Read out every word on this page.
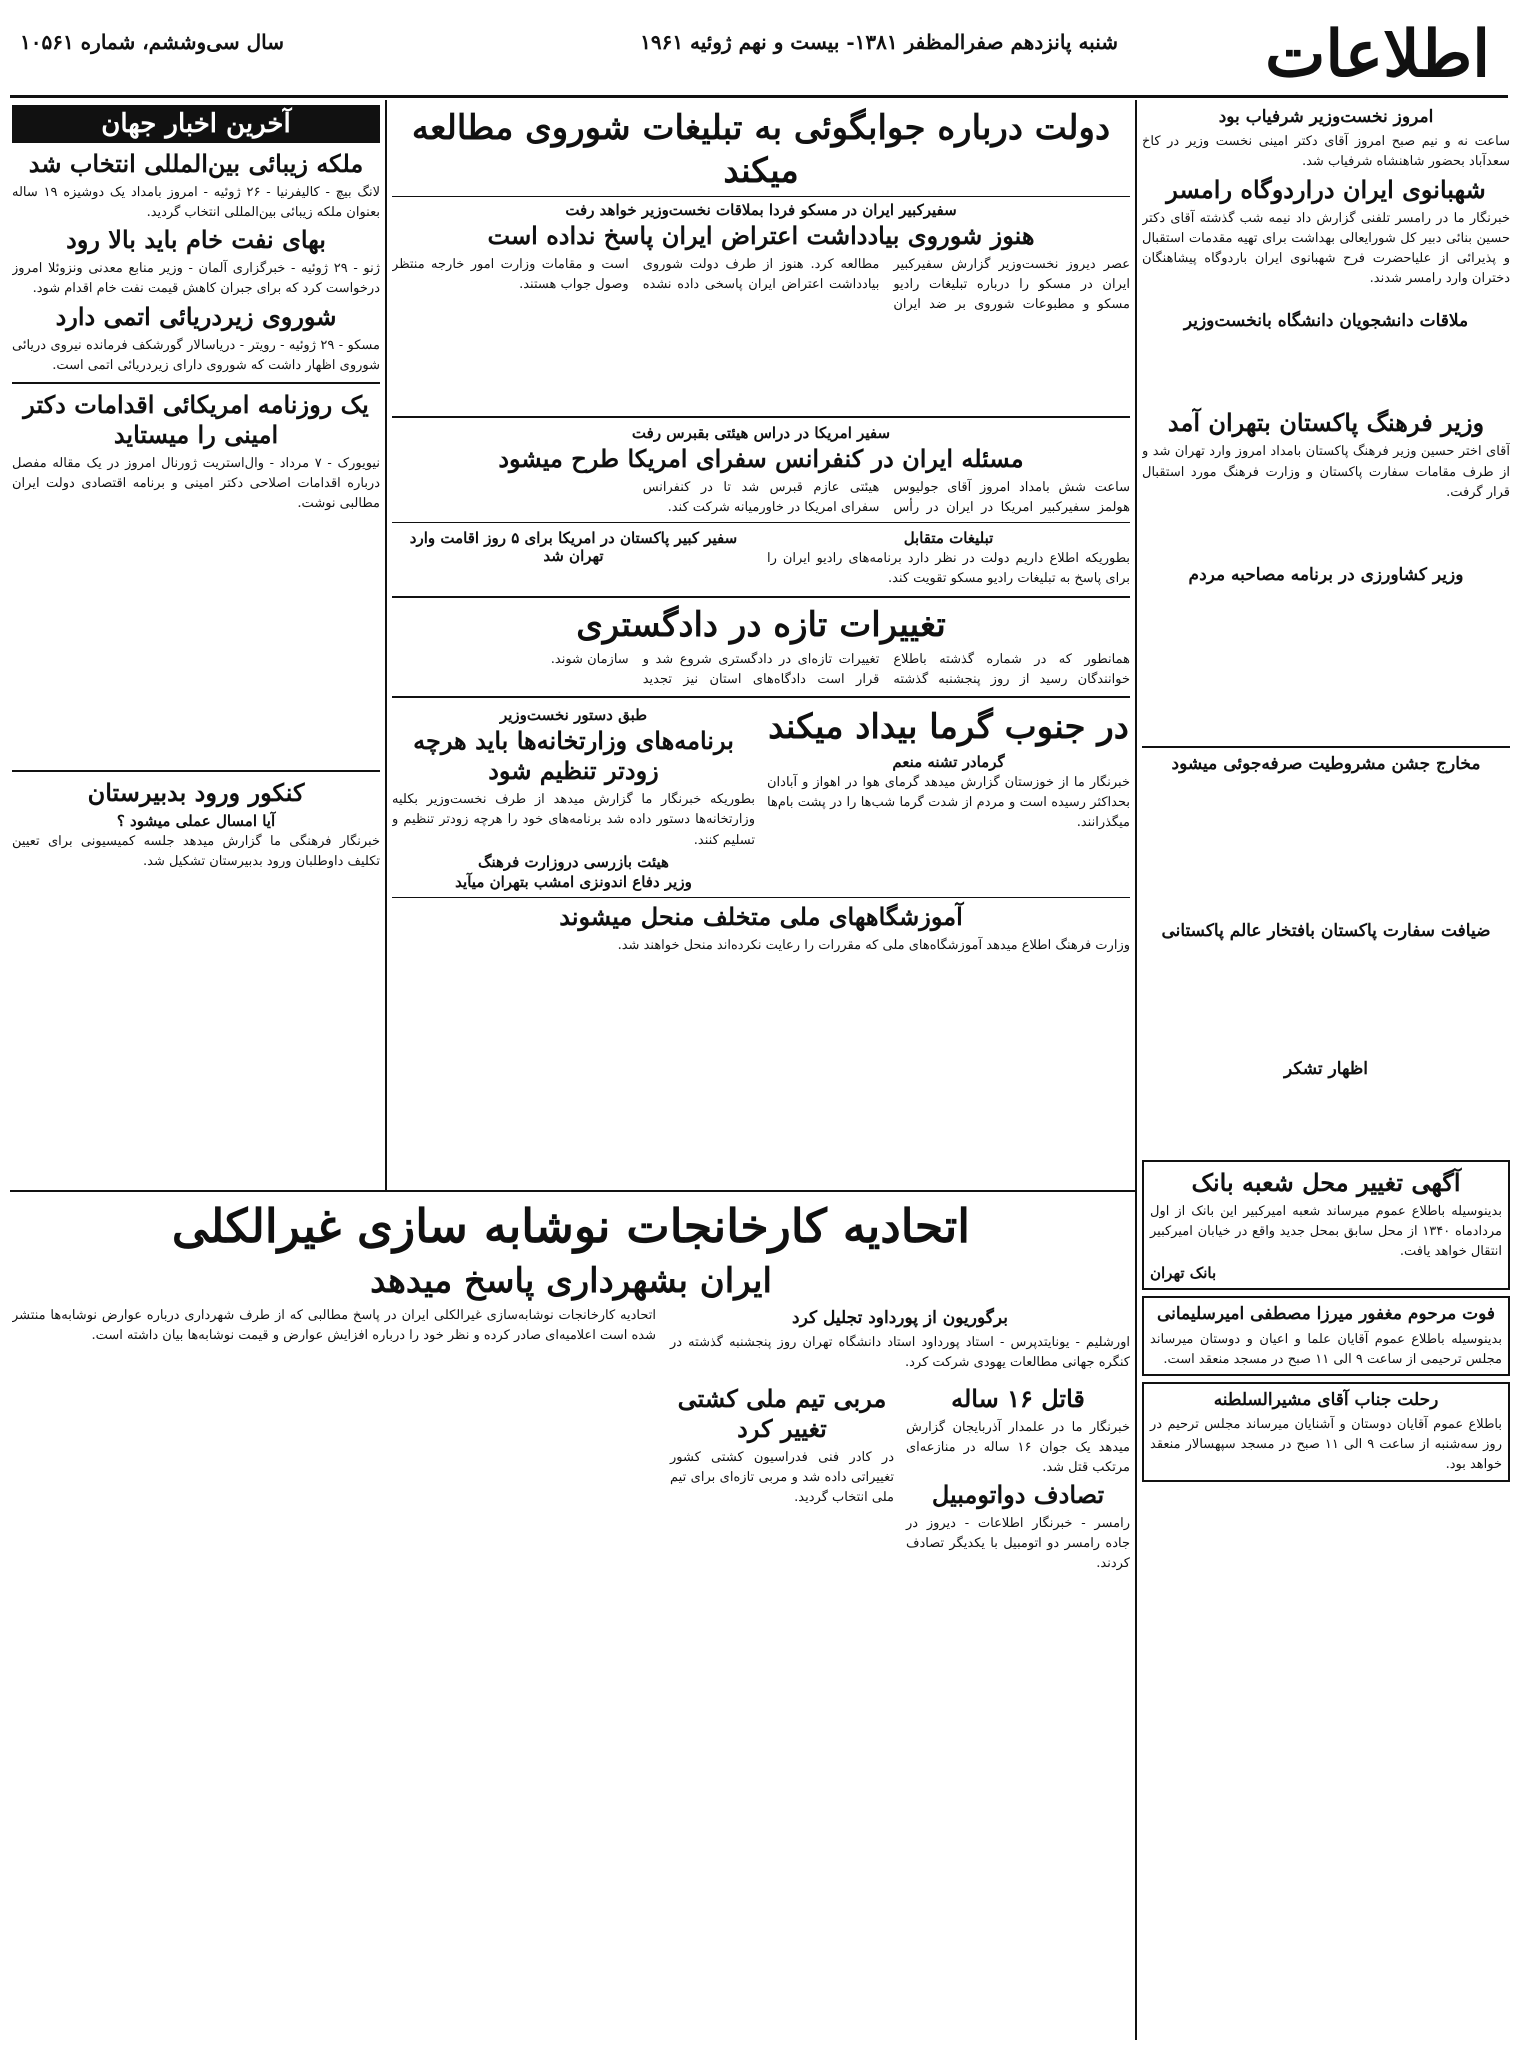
اطلاعات
شنبه پانزدهم صفرالمظفر ۱۳۸۱- بیست و نهم ژوئیه ۱۹۶۱
سال سی‌وششم، شماره ۱۰۵۶۱
امروز نخست‌وزیر شرفیاب بود
ساعت نه و نیم صبح امروز آقای دکتر امینی نخست وزیر در کاخ سعدآباد بحضور شاهنشاه شرفیاب شد.
شهبانوی ایران دراردوگاه رامسر
خبرنگار ما در رامسر تلفنی گزارش داد نیمه شب گذشته آقای دکتر حسین بنائی دبیر کل شورایعالی بهداشت برای تهیه مقدمات استقبال و پذیرائی از علیاحضرت فرح شهبانوی ایران باردوگاه پیشاهنگان دختران وارد رامسر شدند.

ملاقات دانشجویان دانشگاه بانخست‌وزیر
وزیر فرهنگ پاکستان بتهران آمد
آقای اختر حسین وزیر فرهنگ پاکستان بامداد امروز وارد تهران شد و از طرف مقامات سفارت پاکستان و وزارت فرهنگ مورد استقبال قرار گرفت.
وزیر کشاورزی در برنامه مصاحبه مردم
مخارج جشن مشروطیت صرفه‌جوئی میشود
ضیافت سفارت پاکستان بافتخار عالم پاکستانی
اظهار تشکر
آگهی تغییر محل شعبه بانک
بدینوسیله باطلاع عموم میرساند شعبه امیرکبیر این بانک از اول مردادماه ۱۳۴۰ از محل سابق بمحل جدید واقع در خیابان امیرکبیر انتقال خواهد یافت.
بانک تهران
فوت مرحوم مغفور میرزا مصطفی امیرسلیمانی
بدینوسیله باطلاع عموم آقایان علما و اعیان و دوستان میرساند مجلس ترحیمی از ساعت ۹ الی ۱۱ صبح در مسجد منعقد است.
رحلت جناب آقای مشیرالسلطنه
باطلاع عموم آقایان دوستان و آشنایان میرساند مجلس ترحیم در روز سه‌شنبه از ساعت ۹ الی ۱۱ صبح در مسجد سپهسالار منعقد خواهد بود.
دولت درباره جوابگوئی به تبلیغات شوروی مطالعه میکند
سفیرکبیر ایران در مسکو فردا بملاقات نخست‌وزیر خواهد رفت
هنوز شوروی بیادداشت اعتراض ایران پاسخ نداده است
عصر دیروز نخست‌وزیر گزارش سفیرکبیر ایران در مسکو را درباره تبلیغات رادیو مسکو و مطبوعات شوروی بر ضد ایران مطالعه کرد. هنوز از طرف دولت شوروی بیادداشت اعتراض ایران پاسخی داده نشده است و مقامات وزارت امور خارجه منتظر وصول جواب هستند.
سفیر امریکا در دراس هیئتی بقبرس رفت
مسئله ایران در کنفرانس سفرای امریکا طرح میشود
ساعت شش بامداد امروز آقای جولیوس هولمز سفیرکبیر امریکا در ایران در رأس هیئتی عازم قبرس شد تا در کنفرانس سفرای امریکا در خاورمیانه شرکت کند.
تبلیغات متقابل
بطوریکه اطلاع داریم دولت در نظر دارد برنامه‌های رادیو ایران را برای پاسخ به تبلیغات رادیو مسکو تقویت کند.
سفیر کبیر پاکستان در امریکا برای ۵ روز اقامت وارد تهران شد
تغییرات تازه در دادگستری
همانطور که در شماره گذشته باطلاع خوانندگان رسید از روز پنجشنبه گذشته تغییرات تازه‌ای در دادگستری شروع شد و قرار است دادگاه‌های استان نیز تجدید سازمان شوند.
در جنوب گرما بیداد میکند
گرمادر تشنه منعم
خبرنگار ما از خوزستان گزارش میدهد گرمای هوا در اهواز و آبادان بحداکثر رسیده است و مردم از شدت گرما شب‌ها را در پشت بام‌ها میگذرانند.
طبق دستور نخست‌وزیر
برنامه‌های وزارتخانه‌ها باید هرچه زودتر تنظیم شود
بطوریکه خبرنگار ما گزارش میدهد از طرف نخست‌وزیر بکلیه وزارتخانه‌ها دستور داده شد برنامه‌های خود را هرچه زودتر تنظیم و تسلیم کنند.
هیئت بازرسی دروزارت فرهنگ
وزیر دفاع اندونزی امشب بتهران میآید
آموزشگاههای ملی متخلف منحل میشوند
وزارت فرهنگ اطلاع میدهد آموزشگاه‌های ملی که مقررات را رعایت نکرده‌اند منحل خواهند شد.
آخرین اخبار جهان
ملکه زیبائی بین‌المللی انتخاب شد
لانگ بیچ - کالیفرنیا - ۲۶ ژوئیه - امروز بامداد یک دوشیزه ۱۹ ساله بعنوان ملکه زیبائی بین‌المللی انتخاب گردید.
بهای نفت خام باید بالا رود
ژنو - ۲۹ ژوئیه - خبرگزاری آلمان - وزیر منابع معدنی ونزوئلا امروز درخواست کرد که برای جبران کاهش قیمت نفت خام اقدام شود.
شوروی زیردریائی اتمی دارد
مسکو - ۲۹ ژوئیه - رویتر - دریاسالار گورشکف فرمانده نیروی دریائی شوروی اظهار داشت که شوروی دارای زیردریائی اتمی است.
یک روزنامه امریکائی اقدامات دکتر امینی را میستاید
نیویورک - ۷ مرداد - وال‌استریت ژورنال امروز در یک مقاله مفصل درباره اقدامات اصلاحی دکتر امینی و برنامه اقتصادی دولت ایران مطالبی نوشت.
کنکور ورود بدبیرستان
آیا امسال عملی میشود ؟
خبرنگار فرهنگی ما گزارش میدهد جلسه کمیسیونی برای تعیین تکلیف داوطلبان ورود بدبیرستان تشکیل شد.
اتحادیه کارخانجات نوشابه سازی غیرالکلی
ایران بشهرداری پاسخ میدهد
برگوریون از پورداود تجلیل کرد
اورشلیم - یونایتدپرس - استاد پورداود استاد دانشگاه تهران روز پنجشنبه گذشته در کنگره جهانی مطالعات یهودی شرکت کرد.
قاتل ۱۶ ساله
خبرنگار ما در علمدار آذربایجان گزارش میدهد یک جوان ۱۶ ساله در منازعه‌ای مرتکب قتل شد.
تصادف دواتومبیل
رامسر - خبرنگار اطلاعات - دیروز در جاده رامسر دو اتومبیل با یکدیگر تصادف کردند.
مربی تیم ملی کشتی تغییر کرد
در کادر فنی فدراسیون کشتی کشور تغییراتی داده شد و مربی تازه‌ای برای تیم ملی انتخاب گردید.
اتحادیه کارخانجات نوشابه‌سازی غیرالکلی ایران در پاسخ مطالبی که از طرف شهرداری درباره عوارض نوشابه‌ها منتشر شده است اعلامیه‌ای صادر کرده و نظر خود را درباره افزایش عوارض و قیمت نوشابه‌ها بیان داشته است.
